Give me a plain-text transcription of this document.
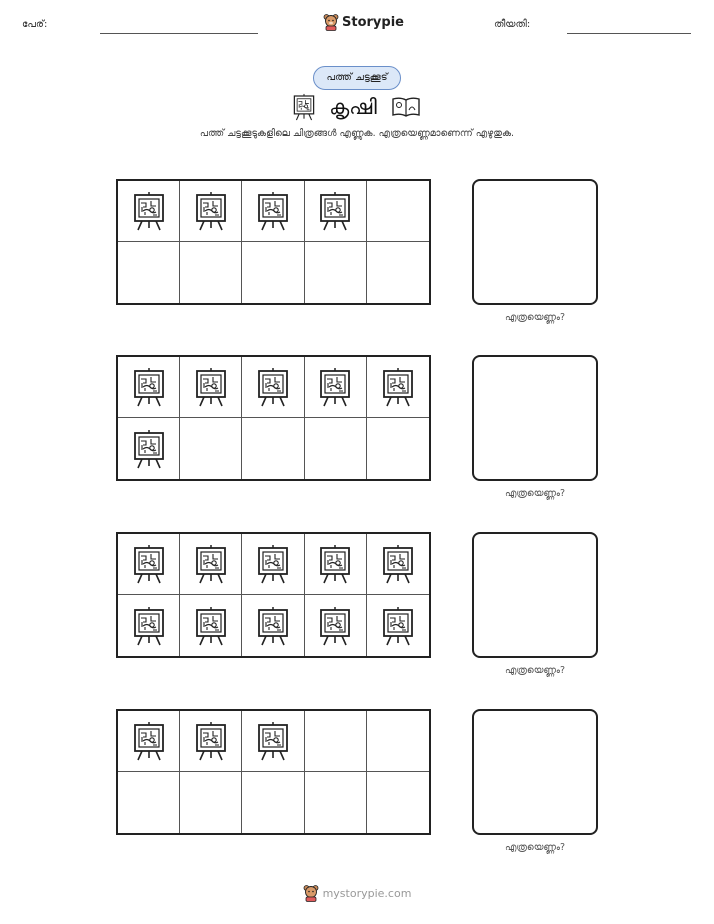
പേര്:	Storypie	തീയതി:
പത്ത് ചട്ടക്കൂട്
കൃഷി
പത്ത് ചട്ടക്കൂടുകളിലെ ചിത്രങ്ങൾ എണ്ണുക. എത്രയെണ്ണമാണെന്ന് എഴുതുക.
എത്രയെണ്ണം?
എത്രയെണ്ണം?
എത്രയെണ്ണം?
എത്രയെണ്ണം?
mystorypie.com
